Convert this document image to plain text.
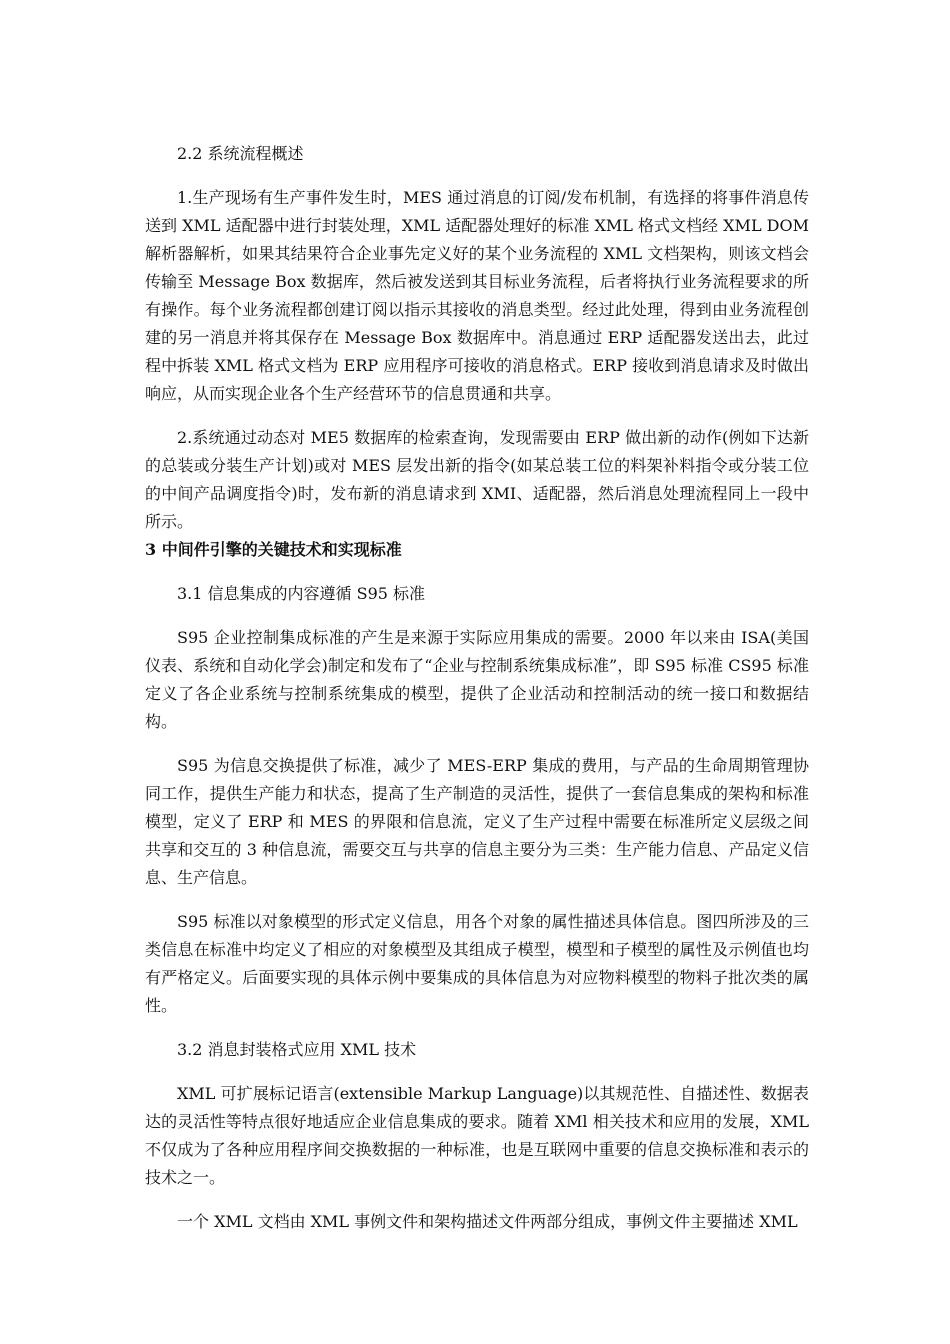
2.2 系统流程概述

1.生产现场有生产事件发生时，MES 通过消息的订阅/发布机制，有选择的将事件消息传送到 XML 适配器中进行封装处理，XML 适配器处理好的标准 XML 格式文档经 XML DOM 解析器解析，如果其结果符合企业事先定义好的某个业务流程的 XML 文档架构，则该文档会传输至 Message Box 数据库，然后被发送到其目标业务流程，后者将执行业务流程要求的所有操作。每个业务流程都创建订阅以指示其接收的消息类型。经过此处理，得到由业务流程创建的另一消息并将其保存在 Message Box 数据库中。消息通过 ERP 适配器发送出去，此过程中拆装 XML 格式文档为 ERP 应用程序可接收的消息格式。ERP 接收到消息请求及时做出响应，从而实现企业各个生产经营环节的信息贯通和共享。

2.系统通过动态对 ME5 数据库的检索查询，发现需要由 ERP 做出新的动作(例如下达新的总装或分装生产计划)或对 MES 层发出新的指令(如某总装工位的料架补料指令或分装工位的中间产品调度指令)时，发布新的消息请求到 XMI、适配器，然后消息处理流程同上一段中所示。

3 中间件引擎的关键技术和实现标准
3.1 信息集成的内容遵循 S95 标准

S95 企业控制集成标准的产生是来源于实际应用集成的需要。2000 年以来由 ISA(美国仪表、系统和自动化学会)制定和发布了“企业与控制系统集成标准”，即 S95 标准 CS95 标准定义了各企业系统与控制系统集成的模型，提供了企业活动和控制活动的统一接口和数据结构。

S95 为信息交换提供了标准，减少了 MES-ERP 集成的费用，与产品的生命周期管理协同工作，提供生产能力和状态，提高了生产制造的灵活性，提供了一套信息集成的架构和标准模型，定义了 ERP 和 MES 的界限和信息流，定义了生产过程中需要在标准所定义层级之间共享和交互的 3 种信息流，需要交互与共享的信息主要分为三类：生产能力信息、产品定义信息、生产信息。

S95 标准以对象模型的形式定义信息，用各个对象的属性描述具体信息。图四所涉及的三类信息在标准中均定义了相应的对象模型及其组成子模型，模型和子模型的属性及示例值也均有严格定义。后面要实现的具体示例中要集成的具体信息为对应物料模型的物料子批次类的属性。

3.2 消息封装格式应用 XML 技术

XML 可扩展标记语言(extensible Markup Language)以其规范性、自描述性、数据表达的灵活性等特点很好地适应企业信息集成的要求。随着 XMl 相关技术和应用的发展，XML 不仅成为了各种应用程序间交换数据的一种标准，也是互联网中重要的信息交换标准和表示的技术之一。

一个 XML 文档由 XML 事例文件和架构描述文件两部分组成，事例文件主要描述 XML
